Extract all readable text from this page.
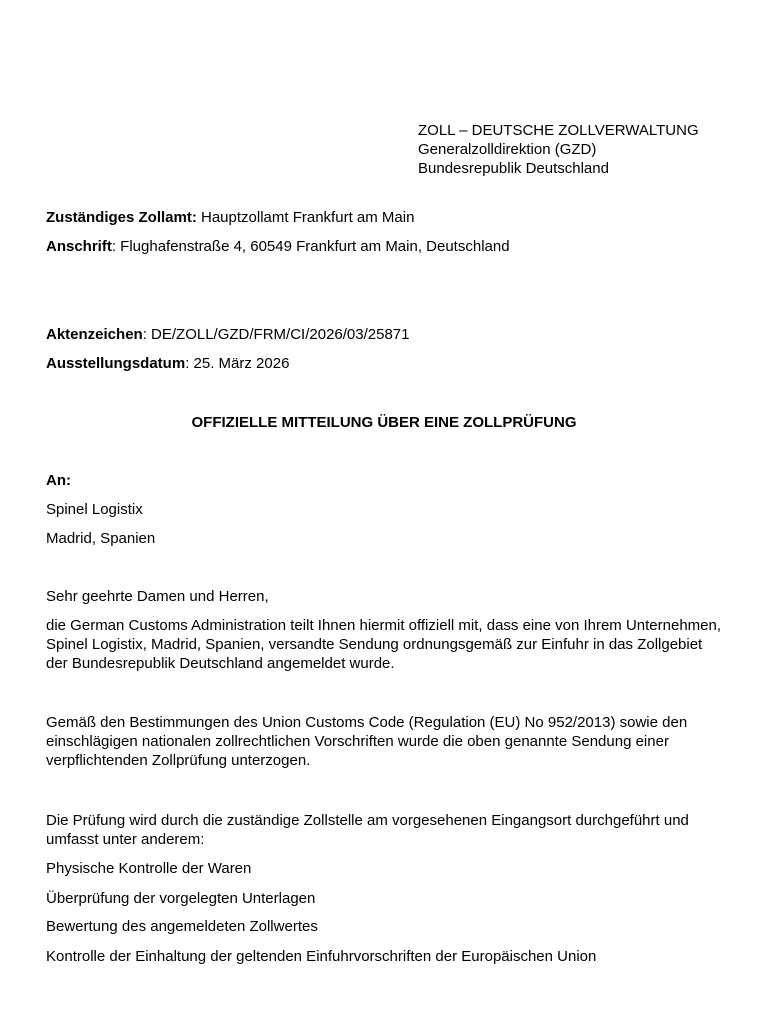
ZOLL – DEUTSCHE ZOLLVERWALTUNG

Generalzolldirektion (GZD)

Bundesrepublik Deutschland

Zuständiges Zollamt: Hauptzollamt Frankfurt am Main

Anschrift: Flughafenstraße 4, 60549 Frankfurt am Main, Deutschland

Aktenzeichen: DE/ZOLL/GZD/FRM/CI/2026/03/25871

Ausstellungsdatum: 25. März 2026

OFFIZIELLE MITTEILUNG ÜBER EINE ZOLLPRÜFUNG

An:

Spinel Logistix

Madrid, Spanien

Sehr geehrte Damen und Herren,

die German Customs Administration teilt Ihnen hiermit offiziell mit, dass eine von Ihrem Unternehmen, Spinel Logistix, Madrid, Spanien, versandte Sendung ordnungsgemäß zur Einfuhr in das Zollgebiet der Bundesrepublik Deutschland angemeldet wurde.

Gemäß den Bestimmungen des Union Customs Code (Regulation (EU) No 952/2013) sowie den einschlägigen nationalen zollrechtlichen Vorschriften wurde die oben genannte Sendung einer verpflichtenden Zollprüfung unterzogen.

Die Prüfung wird durch die zuständige Zollstelle am vorgesehenen Eingangsort durchgeführt und umfasst unter anderem:

Physische Kontrolle der Waren

Überprüfung der vorgelegten Unterlagen

Bewertung des angemeldeten Zollwertes

Kontrolle der Einhaltung der geltenden Einfuhrvorschriften der Europäischen Union
